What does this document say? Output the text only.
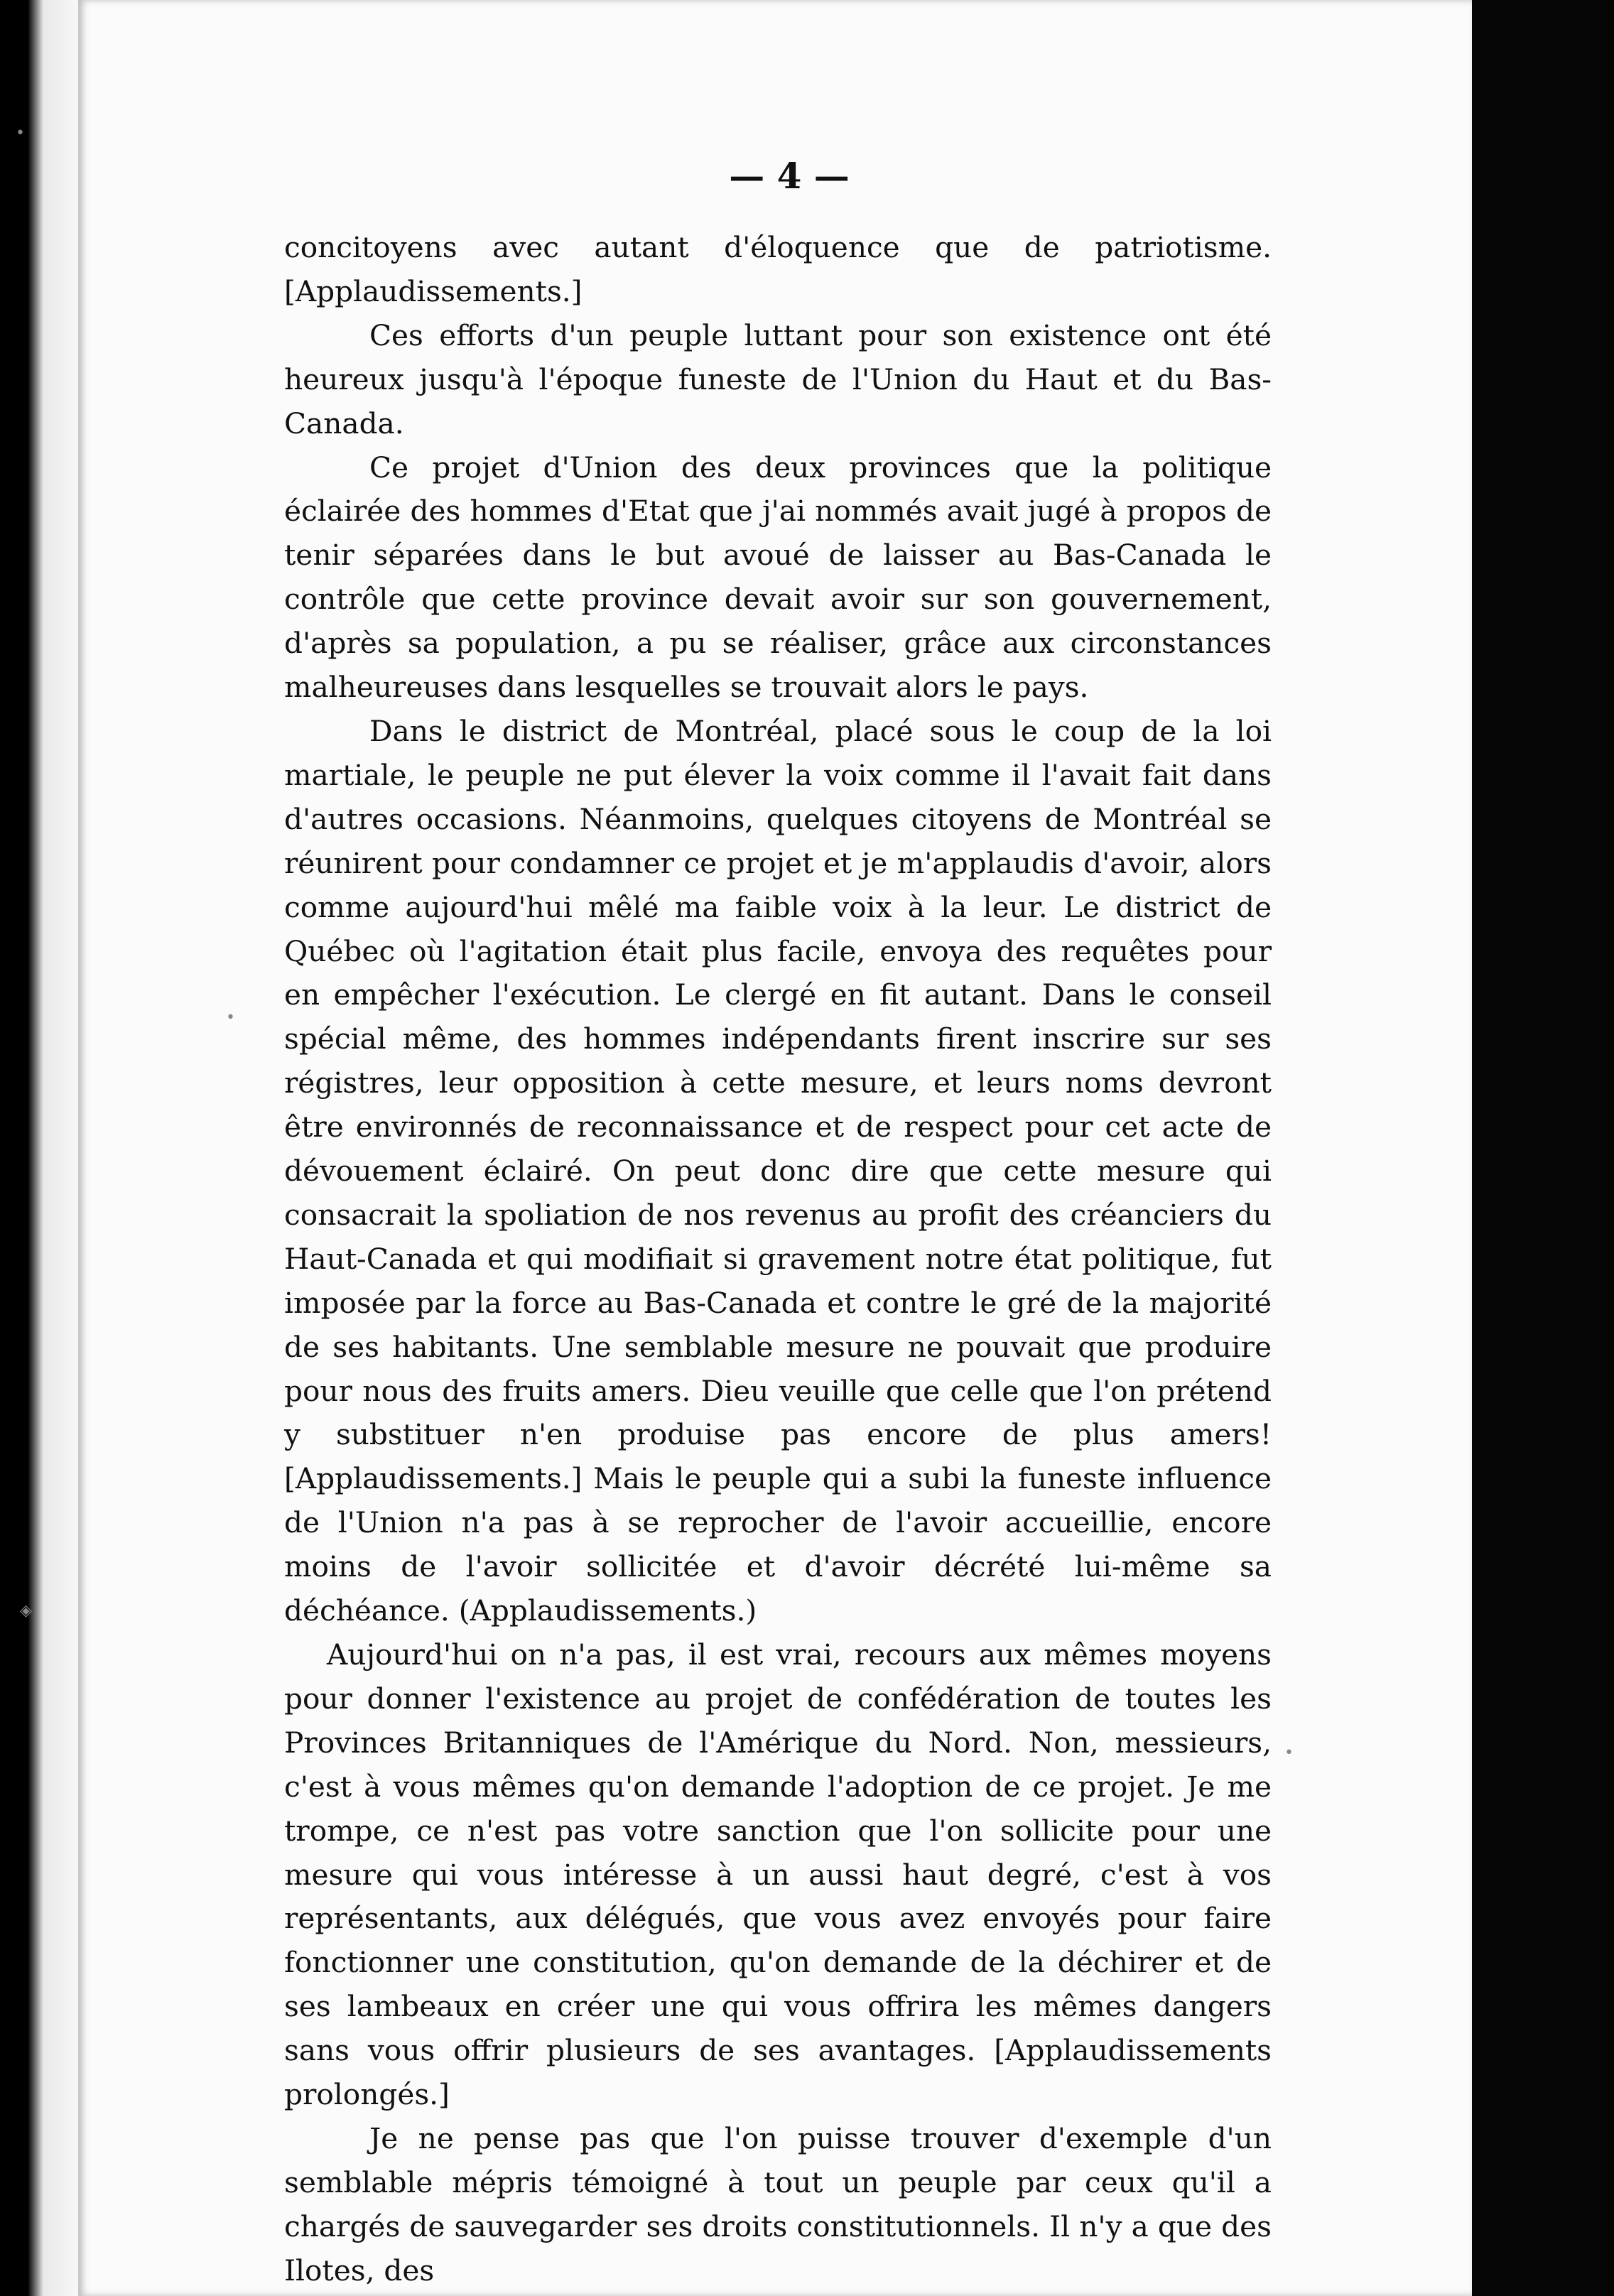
•
•
◈
•
— 4 —

concitoyens avec autant d'éloquence que de patriotisme. [Applaudissements.]

Ces efforts d'un peuple luttant pour son existence ont été heureux jusqu'à l'époque funeste de l'Union du Haut et du Bas-Canada.

Ce projet d'Union des deux provinces que la politique éclairée des hommes d'Etat que j'ai nommés avait jugé à propos de tenir séparées dans le but avoué de laisser au Bas-Canada le contrôle que cette province devait avoir sur son gouvernement, d'après sa population, a pu se réaliser, grâce aux circonstances malheureuses dans lesquelles se trouvait alors le pays.

Dans le district de Montréal, placé sous le coup de la loi martiale, le peuple ne put élever la voix comme il l'avait fait dans d'autres occasions. Néanmoins, quelques citoyens de Montréal se réunirent pour condamner ce projet et je m'applaudis d'avoir, alors comme aujourd'hui mêlé ma faible voix à la leur. Le district de Québec où l'agitation était plus facile, envoya des requêtes pour en empêcher l'exécution. Le clergé en fit autant. Dans le conseil spécial même, des hommes indépendants firent inscrire sur ses régistres, leur opposition à cette mesure, et leurs noms devront être environnés de reconnaissance et de respect pour cet acte de dévouement éclairé. On peut donc dire que cette mesure qui consacrait la spoliation de nos revenus au profit des créanciers du Haut-Canada et qui modifiait si gravement notre état politique, fut imposée par la force au Bas-Canada et contre le gré de la majorité de ses habitants. Une semblable mesure ne pouvait que produire pour nous des fruits amers. Dieu veuille que celle que l'on prétend y substituer n'en produise pas encore de plus amers! [Applaudissements.] Mais le peuple qui a subi la funeste influence de l'Union n'a pas à se reprocher de l'avoir accueillie, encore moins de l'avoir sollicitée et d'avoir décrété lui-même sa déchéance. (Applaudissements.)

Aujourd'hui on n'a pas, il est vrai, recours aux mêmes moyens pour donner l'existence au projet de confédération de toutes les Provinces Britanniques de l'Amérique du Nord. Non, messieurs, c'est à vous mêmes qu'on demande l'adoption de ce projet. Je me trompe, ce n'est pas votre sanction que l'on sollicite pour une mesure qui vous intéresse à un aussi haut degré, c'est à vos représentants, aux délégués, que vous avez envoyés pour faire fonctionner une constitution, qu'on demande de la déchirer et de ses lambeaux en créer une qui vous offrira les mêmes dangers sans vous offrir plusieurs de ses avantages. [Applaudissements prolongés.]

Je ne pense pas que l'on puisse trouver d'exemple d'un semblable mépris témoigné à tout un peuple par ceux qu'il a chargés de sauvegarder ses droits constitutionnels. Il n'y a que des Ilotes, des
